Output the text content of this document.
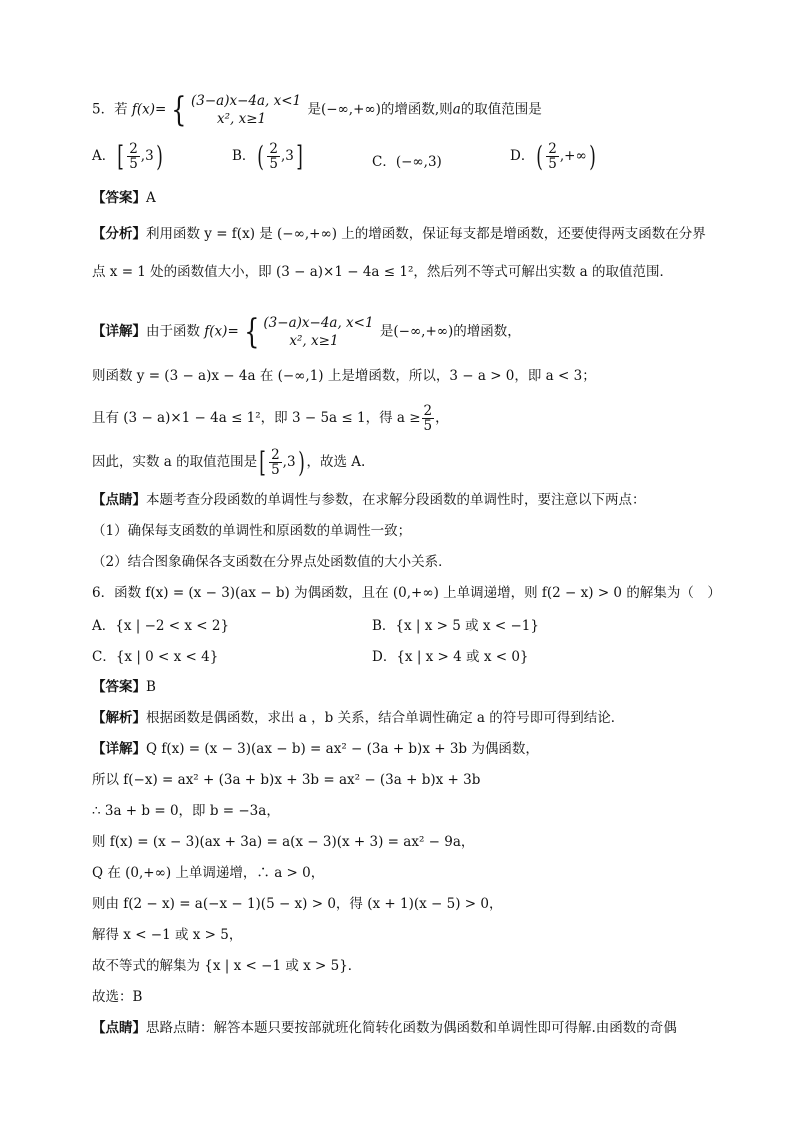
5．若 f(x)= { (3−a)x−4a, x<1
x², x≥1
是(−∞,+∞)的增函数,则a的取值范围是
A．[ $\frac{2}{5} ,3$)	B．( $\frac{2}{5} ,3$]	C．(−∞,3)	D．( $\frac{2}{5}$ ,+∞)
【答案】A
【分析】利用函数 y = f(x) 是 (−∞,+∞) 上的增函数，保证每支都是增函数，还要使得两支函数在分界
点 x = 1 处的函数值大小，即 (3 − a)×1 − 4a ≤ 1²，然后列不等式可解出实数 a 的取值范围．
【详解】由于函数 f(x)= { (3−a)x−4a, x<1
x², x≥1
是(−∞,+∞)的增函数，
则函数 y = (3 − a)x − 4a 在 (−∞,1) 上是增函数，所以，3 − a > 0，即 a < 3；
且有 (3 − a)×1 − 4a ≤ 1²，即 3 − 5a ≤ 1，得 $a \ge \frac{2}{5}$ ，
因此，实数 a 的取值范围是[ $\frac{2}{5} ,3$) ，故选 A.
【点睛】本题考查分段函数的单调性与参数，在求解分段函数的单调性时，要注意以下两点：
（1）确保每支函数的单调性和原函数的单调性一致；
（2）结合图象确保各支函数在分界点处函数值的大小关系．
6．函数 f(x) = (x − 3)(ax − b) 为偶函数，且在 (0,+∞) 上单调递增，则 f(2 − x) > 0 的解集为（　）
A．{x | −2 < x < 2}	B．{x | x > 5 或 x < −1}
C．{x | 0 < x < 4}	D．{x | x > 4 或 x < 0}
【答案】B
【解析】根据函数是偶函数，求出 a ，b 关系，结合单调性确定 a 的符号即可得到结论．
【详解】Q f(x) = (x − 3)(ax − b) = ax² − (3a + b)x + 3b 为偶函数，
所以 f(−x) = ax² + (3a + b)x + 3b = ax² − (3a + b)x + 3b
∴ 3a + b = 0，即 b = −3a，
则 f(x) = (x − 3)(ax + 3a) = a(x − 3)(x + 3) = ax² − 9a，
Q 在 (0,+∞) 上单调递增，∴ a > 0，
则由 f(2 − x) = a(−x − 1)(5 − x) > 0，得 (x + 1)(x − 5) > 0，
解得 x < −1 或 x > 5，
故不等式的解集为 {x | x < −1 或 x > 5}．
故选：B
【点睛】思路点睛：解答本题只要按部就班化简转化函数为偶函数和单调性即可得解.由函数的奇偶
